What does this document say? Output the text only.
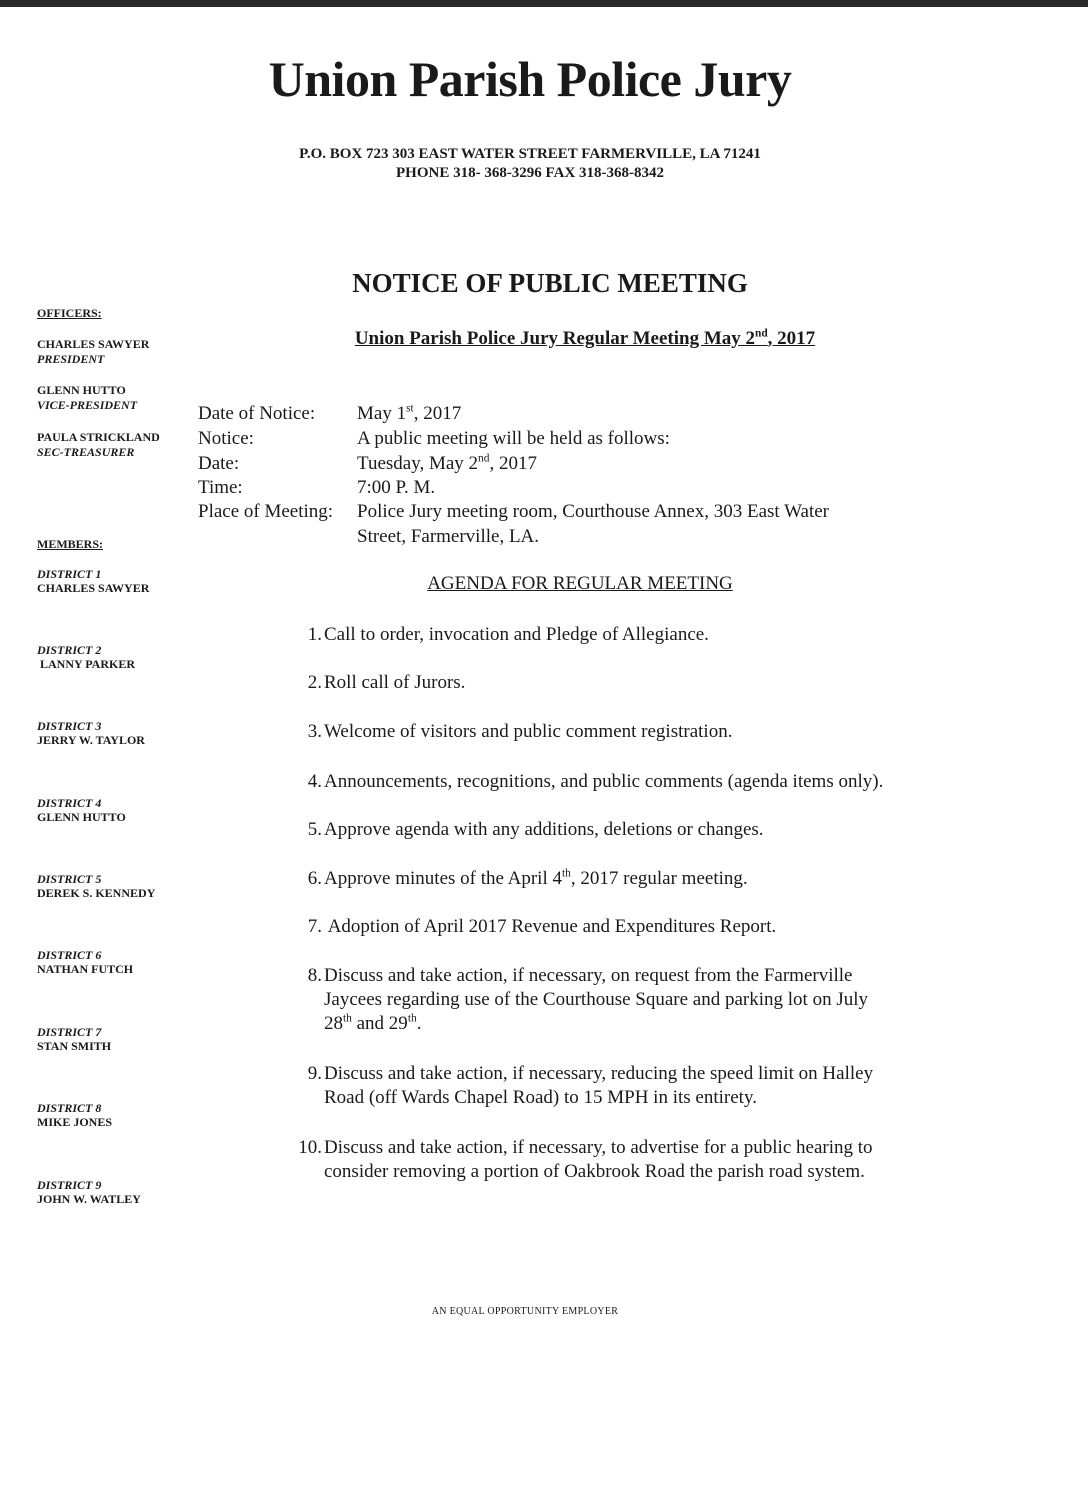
Union Parish Police Jury
P.O. BOX 723 303 EAST WATER STREET FARMERVILLE, LA 71241
PHONE 318- 368-3296 FAX 318-368-8342
NOTICE OF PUBLIC MEETING
Union Parish Police Jury Regular Meeting May 2nd, 2017
OFFICERS:
CHARLES SAWYER
PRESIDENT
GLENN HUTTO
VICE-PRESIDENT
PAULA STRICKLAND
SEC-TREASURER
MEMBERS:
DISTRICT 1
CHARLES SAWYER
DISTRICT 2
LANNY PARKER
DISTRICT 3
JERRY W. TAYLOR
DISTRICT 4
GLENN HUTTO
DISTRICT 5
DEREK S. KENNEDY
DISTRICT 6
NATHAN FUTCH
DISTRICT 7
STAN SMITH
DISTRICT 8
MIKE JONES
DISTRICT 9
JOHN W. WATLEY
Date of Notice: May 1st, 2017
Notice:	A public meeting will be held as follows:
Date:	Tuesday, May 2nd, 2017
Time:	7:00 P. M.
Place of Meeting: Police Jury meeting room, Courthouse Annex, 303 East Water
Street, Farmerville, LA.
AGENDA FOR REGULAR MEETING
1. Call to order, invocation and Pledge of Allegiance.
2. Roll call of Jurors.
3. Welcome of visitors and public comment registration.
4. Announcements, recognitions, and public comments (agenda items only).
5. Approve agenda with any additions, deletions or changes.
6. Approve minutes of the April 4th, 2017 regular meeting.
7. Adoption of April 2017 Revenue and Expenditures Report.
8. Discuss and take action, if necessary, on request from the Farmerville
Jaycees regarding use of the Courthouse Square and parking lot on July
28th and 29th.
9. Discuss and take action, if necessary, reducing the speed limit on Halley
Road (off Wards Chapel Road) to 15 MPH in its entirety.
10. Discuss and take action, if necessary, to advertise for a public hearing to
consider removing a portion of Oakbrook Road the parish road system.
AN EQUAL OPPORTUNITY EMPLOYER
